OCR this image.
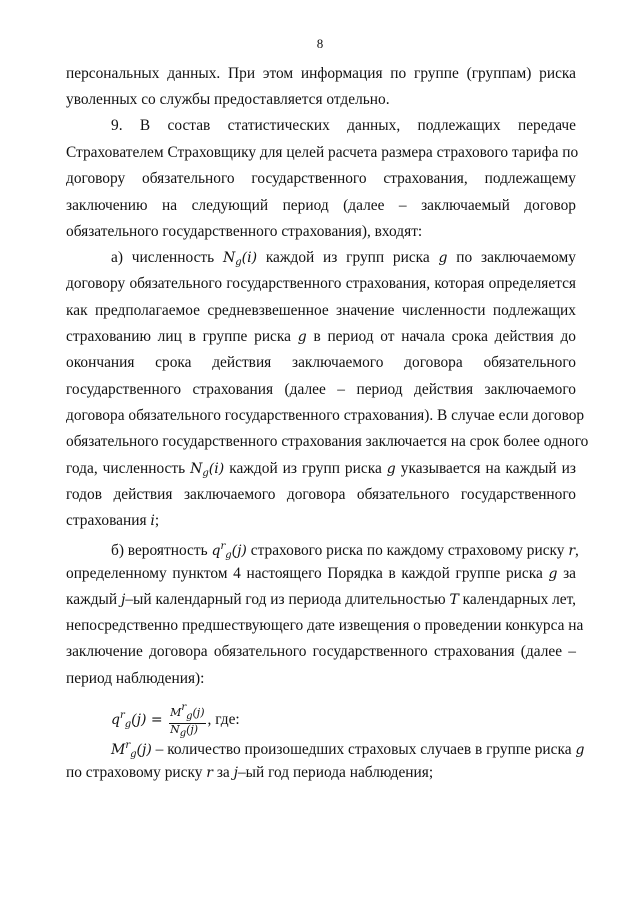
8
персональных данных. При этом информация по группе (группам) риска
уволенных со службы предоставляется отдельно.
9. В состав статистических данных, подлежащих передаче
Страхователем Страховщику для целей расчета размера страхового тарифа по
договору обязательного государственного страхования, подлежащему
заключению на следующий период (далее – заключаемый договор
обязательного государственного страхования), входят:
а) численность $N_g(i)$ каждой из групп риска g по заключаемому
договору обязательного государственного страхования, которая определяется
как предполагаемое средневзвешенное значение численности подлежащих
страхованию лиц в группе риска g в период от начала срока действия до
окончания срока действия заключаемого договора обязательного
государственного страхования (далее – период действия заключаемого
договора обязательного государственного страхования). В случае если договор
обязательного государственного страхования заключается на срок более одного
года, численность $N_g(i)$ каждой из групп риска g указывается на каждый из
годов действия заключаемого договора обязательного государственного
страхования i;
б) вероятность $q^r_g(j)$ страхового риска по каждому страховому риску r,
определенному пунктом 4 настоящего Порядка в каждой группе риска g за
каждый j–ый календарный год из периода длительностью T календарных лет,
непосредственно предшествующего дате извещения о проведении конкурса на
заключение договора обязательного государственного страхования (далее –
период наблюдения):
$q^r_g(j) = \frac{\text{Mrg(j)}}{Ng(j)}$ , где:
$M^r_g(j)$ – количество произошедших страховых случаев в группе риска g
по страховому риску r за j–ый год периода наблюдения;
